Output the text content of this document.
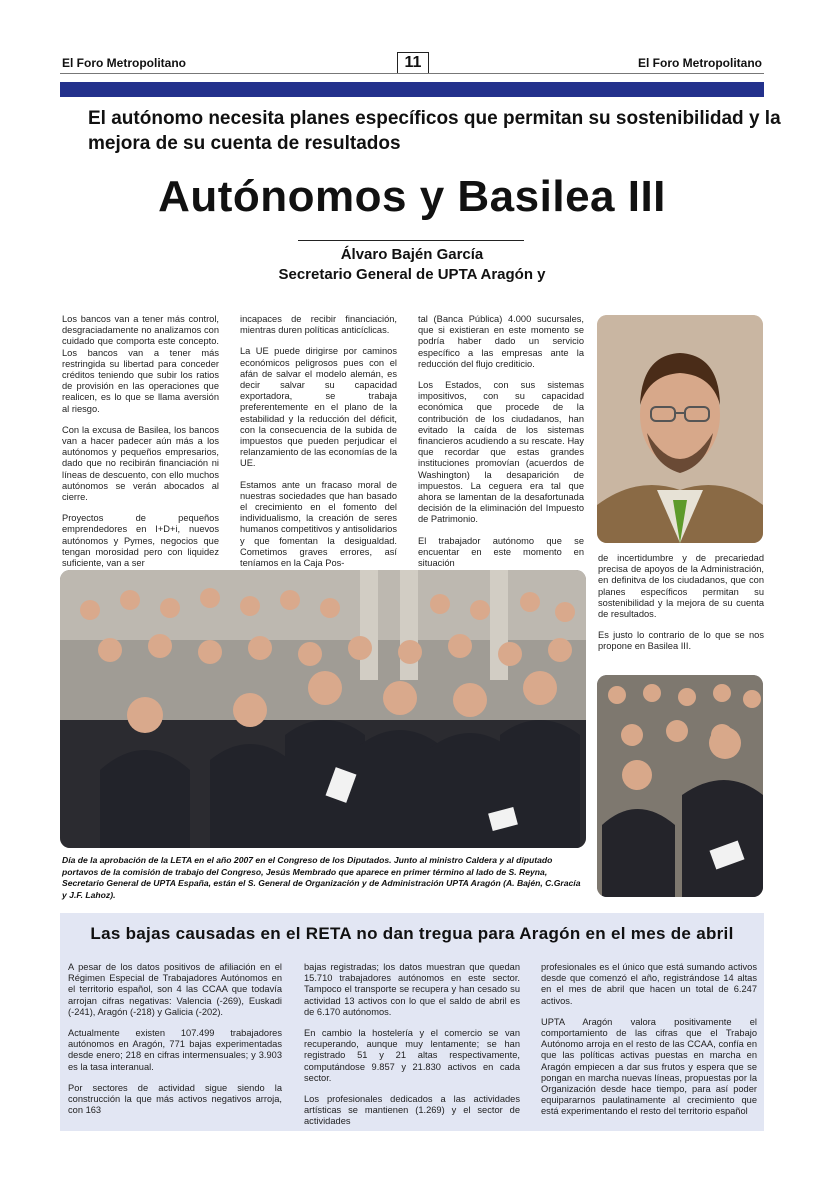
El Foro Metropolitano	11	El Foro Metropolitano
El autónomo necesita planes específicos que permitan su sostenibilidad y la mejora de su cuenta de resultados
Autónomos y Basilea III
Álvaro Bajén García
Secretario General de UPTA Aragón y

Los bancos van a tener más control, desgraciadamente no analizamos con cuidado que comporta este concepto. Los bancos van a tener más restringida su libertad para conceder créditos teniendo que subir los ratios de provisión en las operaciones que realicen, es lo que se llama aversión al riesgo.

Con la excusa de Basilea, los bancos van a hacer padecer aún más a los autónomos y pequeños empresarios, dado que no recibirán financiación ni líneas de descuento, con ello muchos autónomos se verán abocados al cierre.

Proyectos de pequeños emprendedores en I+D+i, nuevos autónomos y Pymes, negocios que tengan morosidad pero con liquidez suficiente, van a ser

incapaces de recibir financiación, mientras duren políticas anticíclicas.

La UE puede dirigirse por caminos económicos peligrosos pues con el afán de salvar el modelo alemán, es decir salvar su capacidad exportadora, se trabaja preferentemente en el plano de la estabilidad y la reducción del déficit, con la consecuencia de la subida de impuestos que pueden perjudicar el relanzamiento de las economías de la UE.

Estamos ante un fracaso moral de nuestras sociedades que han basado el crecimiento en el fomento del individualismo, la creación de seres humanos competitivos y antisolidarios y que fomentan la desigualdad. Cometimos graves errores, así teníamos en la Caja Pos-

tal (Banca Pública) 4.000 sucursales, que si existieran en este momento se podría haber dado un servicio específico a las empresas ante la reducción del flujo crediticio.

Los Estados, con sus sistemas impositivos, con su capacidad económica que procede de la contribución de los ciudadanos, han evitado la caída de los sistemas financieros acudiendo a su rescate. Hay que recordar que estas grandes instituciones promovían (acuerdos de Washington) la desaparición de impuestos. La ceguera era tal que ahora se lamentan de la desafortunada decisión de la eliminación del Impuesto de Patrimonio.

El trabajador autónomo que se encuentar en este momento en situación

de incertidumbre y de precariedad precisa de apoyos de la Administración, en definitva de los ciudadanos, que con planes específicos permitan su sostenibilidad y la mejora de su cuenta de resultados.

Es justo lo contrario de lo que se nos propone en Basilea III.

Día de la aprobación de la LETA en el año 2007 en el Congreso de los Diputados. Junto al ministro Caldera y al diputado portavos de la comisión de trabajo del Congreso, Jesús Membrado que aparece en primer término al lado de S. Reyna, Secretario General de UPTA España, están el S. General de Organización y de Administración UPTA Aragón (A. Bajén, C.Gracía y J.F. Lahoz).
Las bajas causadas en el RETA no dan tregua para Aragón en el mes de abril

A pesar de los datos positivos de afiliación en el Régimen Especial de Trabajadores Autónomos en el territorio español, son 4 las CCAA que todavía arrojan cifras negativas: Valencia (-269), Euskadi (-241), Aragón (-218) y Galicia (-202).

Actualmente existen 107.499 trabajadores autónomos en Aragón, 771 bajas experimentadas desde enero; 218 en cifras intermensuales; y 3.903 es la tasa interanual.

Por sectores de actividad sigue siendo la construcción la que más activos negativos arroja, con 163

bajas registradas; los datos muestran que quedan 15.710 trabajadores autónomos en este sector. Tampoco el transporte se recupera y han cesado su actividad 13 activos con lo que el saldo de abril es de 6.170 autónomos.

En cambio la hostelería y el comercio se van recuperando, aunque muy lentamente; se han registrado 51 y 21 altas respectivamente, computándose 9.857 y 21.830 activos en cada sector.

Los profesionales dedicados a las actividades artísticas se mantienen (1.269) y el sector de actividades

profesionales es el único que está sumando activos desde que comenzó el año, registrándose 14 altas en el mes de abril que hacen un total de 6.247 activos.

UPTA Aragón valora positivamente el comportamiento de las cifras que el Trabajo Autónomo arroja en el resto de las CCAA, confía en que las políticas activas puestas en marcha en Aragón empiecen a dar sus frutos y espera que se pongan en marcha nuevas líneas, propuestas por la Organización desde hace tiempo, para así poder equipararnos paulatinamente al crecimiento que está experimentando el resto del territorio español
